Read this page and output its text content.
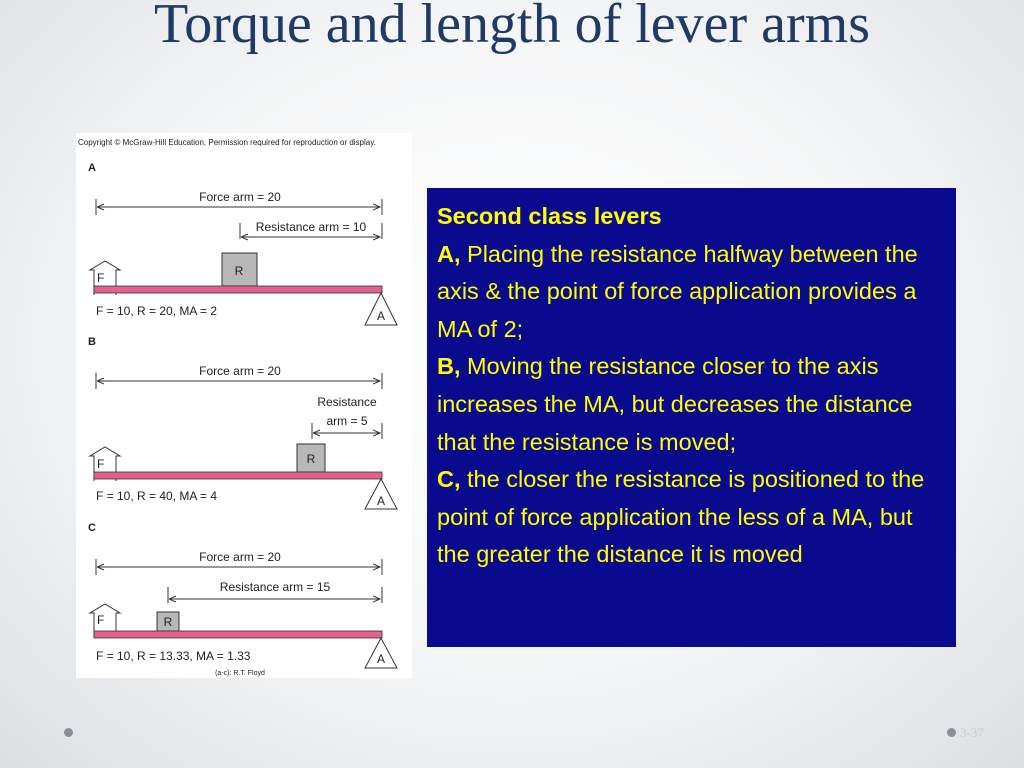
Torque and length of lever arms
Copyright © McGraw-Hill Education. Permission required for reproduction or display.
A
Force arm = 20
Resistance arm = 10
R
F
A
F = 10, R = 20, MA = 2
B
Force arm = 20
Resistance
arm = 5
R
F
A
F = 10, R = 40, MA = 4
C
Force arm = 20
Resistance arm = 15
R
F
A
F = 10, R = 13.33, MA = 1.33
(a-c): R.T. Floyd
Second class levers
A, Placing the resistance halfway between the axis & the point of force application provides a MA of 2;
B, Moving the resistance closer to the axis increases the MA, but decreases the distance that the resistance is moved;
C, the closer the resistance is positioned to the point of force application the less of a MA, but the greater the distance it is moved
3-37
